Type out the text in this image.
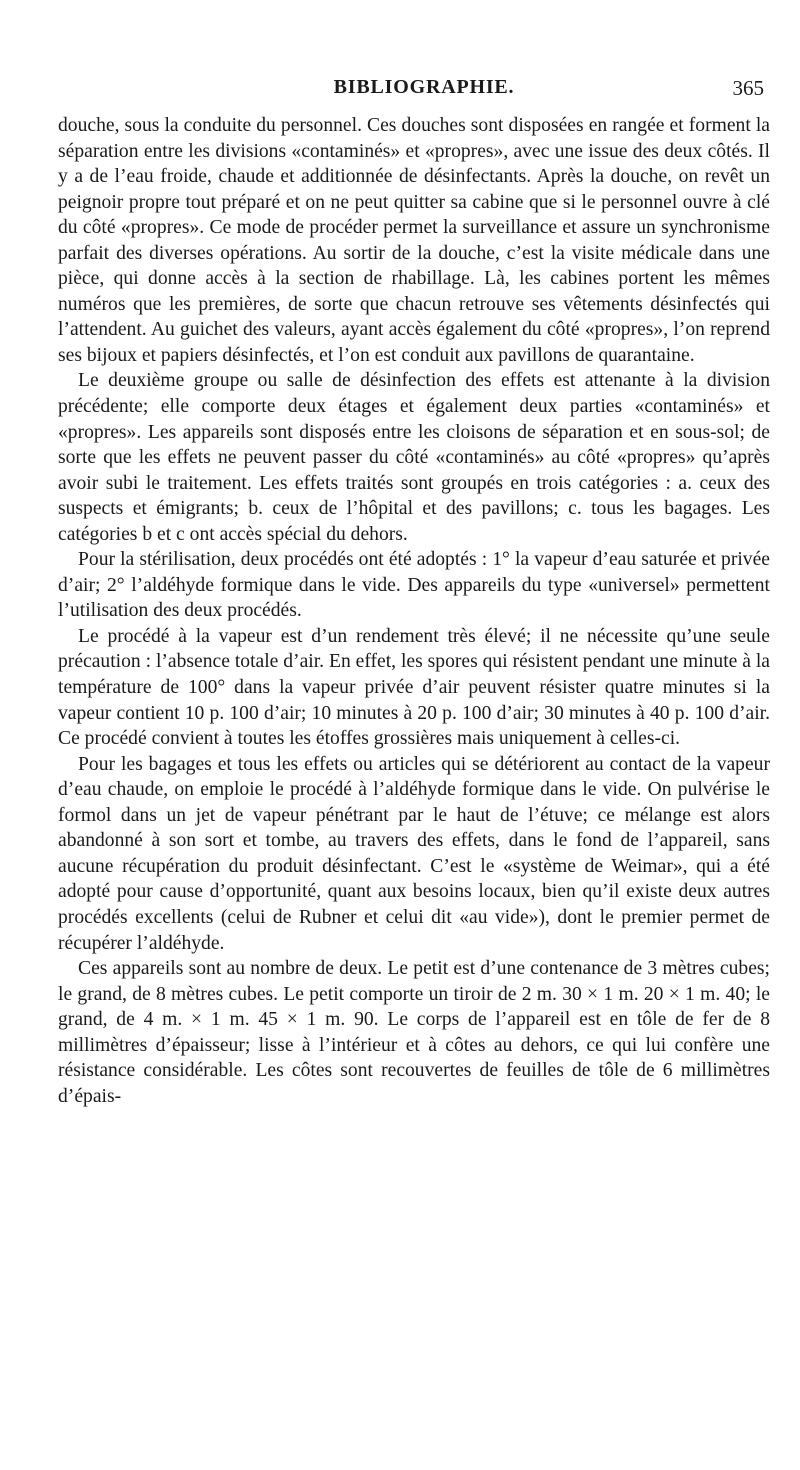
BIBLIOGRAPHIE.	365

douche, sous la conduite du personnel. Ces douches sont disposées en rangée et forment la séparation entre les divisions «contaminés» et «propres», avec une issue des deux côtés. Il y a de l’eau froide, chaude et additionnée de désinfectants. Après la douche, on revêt un peignoir propre tout préparé et on ne peut quitter sa cabine que si le personnel ouvre à clé du côté «propres». Ce mode de procéder permet la surveillance et assure un synchronisme parfait des diverses opérations. Au sortir de la douche, c’est la visite médicale dans une pièce, qui donne accès à la section de rhabillage. Là, les cabines portent les mêmes numéros que les premières, de sorte que chacun retrouve ses vêtements désinfectés qui l’attendent. Au guichet des valeurs, ayant accès également du côté «propres», l’on reprend ses bijoux et papiers désinfectés, et l’on est conduit aux pavillons de quarantaine.

Le deuxième groupe ou salle de désinfection des effets est attenante à la division précédente; elle comporte deux étages et également deux parties «contaminés» et «propres». Les appareils sont disposés entre les cloisons de séparation et en sous-sol; de sorte que les effets ne peuvent passer du côté «contaminés» au côté «propres» qu’après avoir subi le traitement. Les effets traités sont groupés en trois catégories : a. ceux des suspects et émigrants; b. ceux de l’hôpital et des pavillons; c. tous les bagages. Les catégories b et c ont accès spécial du dehors.

Pour la stérilisation, deux procédés ont été adoptés : 1° la vapeur d’eau saturée et privée d’air; 2° l’aldéhyde formique dans le vide. Des appareils du type «universel» permettent l’utilisation des deux procédés.

Le procédé à la vapeur est d’un rendement très élevé; il ne nécessite qu’une seule précaution : l’absence totale d’air. En effet, les spores qui résistent pendant une minute à la température de 100° dans la vapeur privée d’air peuvent résister quatre minutes si la vapeur contient 10 p. 100 d’air; 10 minutes à 20 p. 100 d’air; 30 minutes à 40 p. 100 d’air. Ce procédé convient à toutes les étoffes grossières mais uniquement à celles-ci.

Pour les bagages et tous les effets ou articles qui se détériorent au contact de la vapeur d’eau chaude, on emploie le procédé à l’aldéhyde formique dans le vide. On pulvérise le formol dans un jet de vapeur pénétrant par le haut de l’étuve; ce mélange est alors abandonné à son sort et tombe, au travers des effets, dans le fond de l’appareil, sans aucune récupération du produit désinfectant. C’est le «système de Weimar», qui a été adopté pour cause d’opportunité, quant aux besoins locaux, bien qu’il existe deux autres procédés excellents (celui de Rubner et celui dit «au vide»), dont le premier permet de récupérer l’aldéhyde.

Ces appareils sont au nombre de deux. Le petit est d’une contenance de 3 mètres cubes; le grand, de 8 mètres cubes. Le petit comporte un tiroir de 2 m. 30 × 1 m. 20 × 1 m. 40; le grand, de 4 m. × 1 m. 45 × 1 m. 90. Le corps de l’appareil est en tôle de fer de 8 millimètres d’épaisseur; lisse à l’intérieur et à côtes au dehors, ce qui lui confère une résistance considérable. Les côtes sont recouvertes de feuilles de tôle de 6 millimètres d’épais-
